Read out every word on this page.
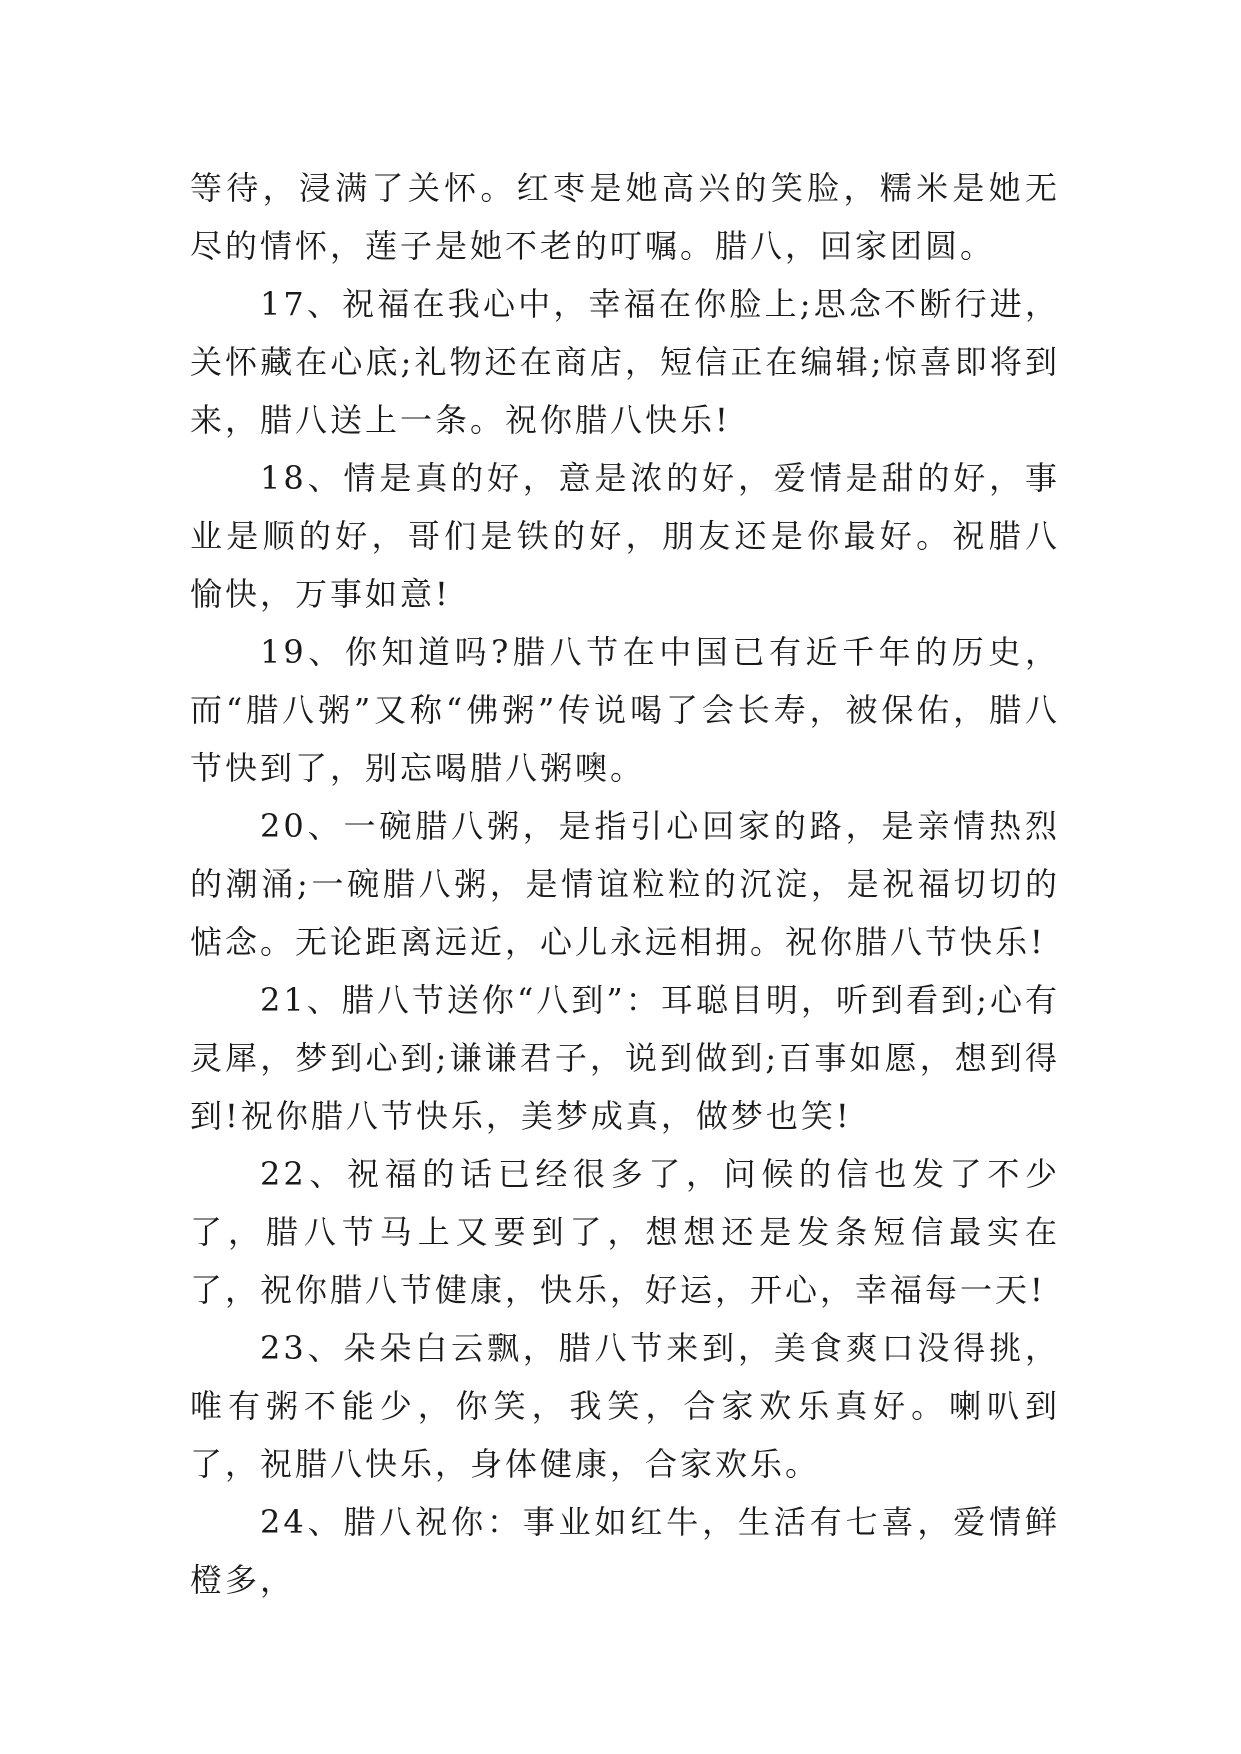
等待，浸满了关怀。红枣是她高兴的笑脸，糯米是她无尽的情怀，莲子是她不老的叮嘱。腊八，回家团圆。

17、祝福在我心中，幸福在你脸上;思念不断行进，关怀藏在心底;礼物还在商店，短信正在编辑;惊喜即将到来，腊八送上一条。祝你腊八快乐!

18、情是真的好，意是浓的好，爱情是甜的好，事业是顺的好，哥们是铁的好，朋友还是你最好。祝腊八愉快，万事如意!

19、你知道吗?腊八节在中国已有近千年的历史，而“腊八粥”又称“佛粥”传说喝了会长寿，被保佑，腊八节快到了，别忘喝腊八粥噢。

20、一碗腊八粥，是指引心回家的路，是亲情热烈的潮涌;一碗腊八粥，是情谊粒粒的沉淀，是祝福切切的惦念。无论距离远近，心儿永远相拥。祝你腊八节快乐!

21、腊八节送你“八到”：耳聪目明，听到看到;心有灵犀，梦到心到;谦谦君子，说到做到;百事如愿，想到得到!祝你腊八节快乐，美梦成真，做梦也笑!

22、祝福的话已经很多了，问候的信也发了不少了，腊八节马上又要到了，想想还是发条短信最实在了，祝你腊八节健康，快乐，好运，开心，幸福每一天!

23、朵朵白云飘，腊八节来到，美食爽口没得挑，唯有粥不能少，你笑，我笑，合家欢乐真好。喇叭到了，祝腊八快乐，身体健康，合家欢乐。

24、腊八祝你：事业如红牛，生活有七喜，爱情鲜橙多，
